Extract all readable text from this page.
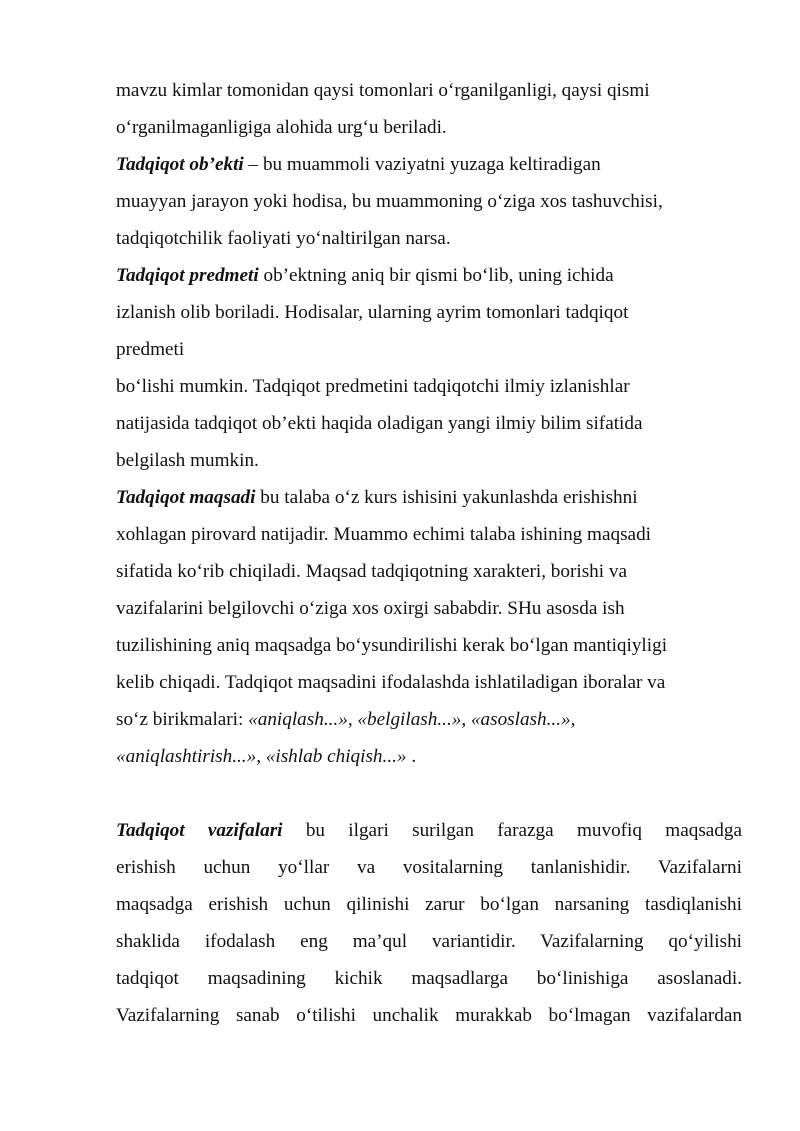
mavzu kimlar tomonidan qaysi tomonlari o‘rganilganligi, qaysi qismi
o‘rganilmaganligiga alohida urg‘u beriladi.
Tadqiqot ob’ekti – bu muammoli vaziyatni yuzaga keltiradigan
muayyan jarayon yoki hodisa, bu muammoning o‘ziga xos tashuvchisi,
tadqiqotchilik faoliyati yo‘naltirilgan narsa.
Tadqiqot predmeti ob’ektning aniq bir qismi bo‘lib, uning ichida
izlanish olib boriladi. Hodisalar, ularning ayrim tomonlari tadqiqot
predmeti
bo‘lishi mumkin. Tadqiqot predmetini tadqiqotchi ilmiy izlanishlar
natijasida tadqiqot ob’ekti haqida oladigan yangi ilmiy bilim sifatida
belgilash mumkin.
Tadqiqot maqsadi bu talaba o‘z kurs ishisini yakunlashda erishishni
xohlagan pirovard natijadir. Muammo echimi talaba ishining maqsadi
sifatida ko‘rib chiqiladi. Maqsad tadqiqotning xarakteri, borishi va
vazifalarini belgilovchi o‘ziga xos oxirgi sababdir. SHu asosda ish
tuzilishining aniq maqsadga bo‘ysundirilishi kerak bo‘lgan mantiqiyligi
kelib chiqadi. Tadqiqot maqsadini ifodalashda ishlatiladigan iboralar va
so‘z birikmalari: «aniqlash...», «belgilash...», «asoslash...»,
«aniqlashtirish...», «ishlab chiqish...» .
Tadqiqot vazifalari bu ilgari surilgan farazga muvofiq maqsadga
erishish uchun yo‘llar va vositalarning tanlanishidir. Vazifalarni
maqsadga erishish uchun qilinishi zarur bo‘lgan narsaning tasdiqlanishi
shaklida ifodalash eng ma’qul variantidir. Vazifalarning qo‘yilishi
tadqiqot maqsadining kichik maqsadlarga bo‘linishiga asoslanadi.
Vazifalarning sanab o‘tilishi unchalik murakkab bo‘lmagan vazifalardan
